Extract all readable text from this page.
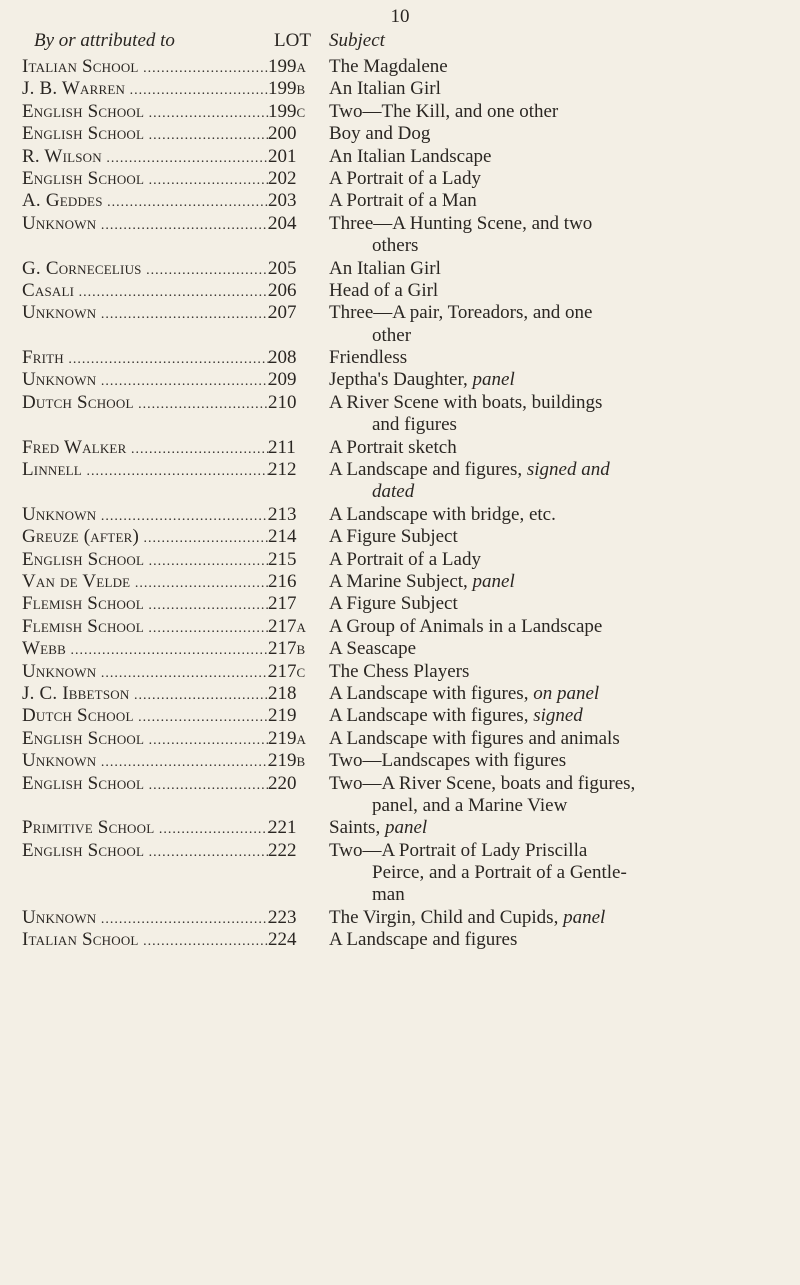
10
By or attributed to	LOT Subject
Italian School .....	199a	The Magdalene
J. B. Warren .....	199b	An Italian Girl
English School .....	199c	Two—The Kill, and one other
English School .....	200	Boy and Dog
R. Wilson .....	201	An Italian Landscape
English School .....	202	A Portrait of a Lady
A. Geddes .....	203	A Portrait of a Man
Unknown .....	204	Three—A Hunting Scene, and two
others
G. Cornecelius .....	205	An Italian Girl
Casali .....	206	Head of a Girl
Unknown .....	207	Three—A pair, Toreadors, and one
other
Frith .....	208	Friendless
Unknown .....	209	Jeptha's Daughter, panel
Dutch School .....	210	A River Scene with boats, buildings
and figures
Fred Walker .....	211	A Portrait sketch
Linnell .....	212	A Landscape and figures, signed and
dated
Unknown .....	213	A Landscape with bridge, etc.
Greuze (after) .....	214	A Figure Subject
English School .....	215	A Portrait of a Lady
Van de Velde .....	216	A Marine Subject, panel
Flemish School .....	217	A Figure Subject
Flemish School .....	217a	A Group of Animals in a Landscape
Webb .....	217b	A Seascape
Unknown .....	217c	The Chess Players
J. C. Ibbetson .....	218	A Landscape with figures, on panel
Dutch School .....	219	A Landscape with figures, signed
English School .....	219a	A Landscape with figures and animals
Unknown .....	219b	Two—Landscapes with figures
English School .....	220	Two—A River Scene, boats and figures,
panel, and a Marine View
Primitive School .....	221	Saints, panel
English School .....	222	Two—A Portrait of Lady Priscilla
Peirce, and a Portrait of a Gentle-
man
Unknown .....	223	The Virgin, Child and Cupids, panel
Italian School .....	224	A Landscape and figures
